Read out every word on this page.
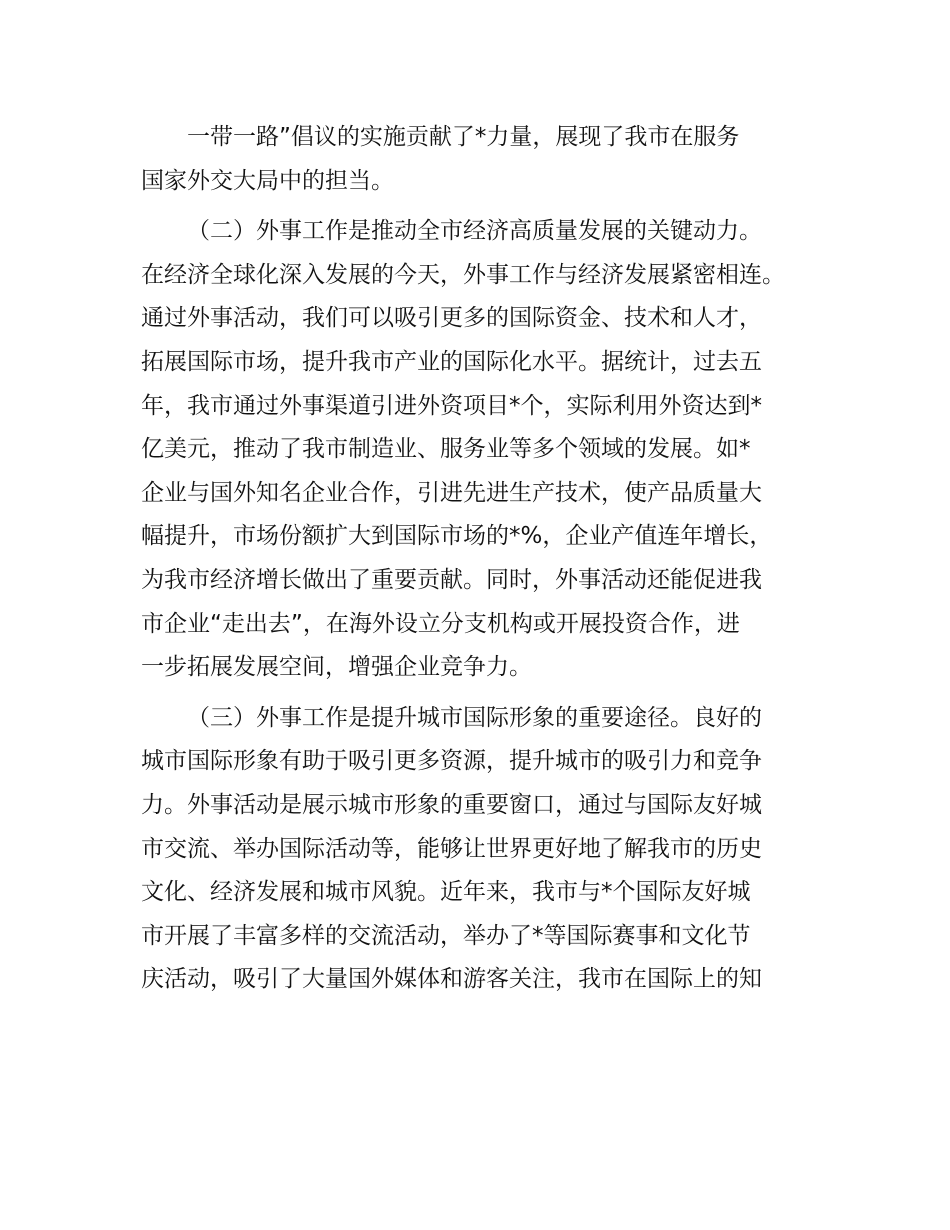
一带一路”倡议的实施贡献了*力量，展现了我市在服务
国家外交大局中的担当。
（二）外事工作是推动全市经济高质量发展的关键动力。
在经济全球化深入发展的今天，外事工作与经济发展紧密相连。
通过外事活动，我们可以吸引更多的国际资金、技术和人才，
拓展国际市场，提升我市产业的国际化水平。据统计，过去五
年，我市通过外事渠道引进外资项目*个，实际利用外资达到*
亿美元，推动了我市制造业、服务业等多个领域的发展。如*
企业与国外知名企业合作，引进先进生产技术，使产品质量大
幅提升，市场份额扩大到国际市场的*%，企业产值连年增长，
为我市经济增长做出了重要贡献。同时，外事活动还能促进我
市企业“走出去”，在海外设立分支机构或开展投资合作，进
一步拓展发展空间，增强企业竞争力。
（三）外事工作是提升城市国际形象的重要途径。良好的
城市国际形象有助于吸引更多资源，提升城市的吸引力和竞争
力。外事活动是展示城市形象的重要窗口，通过与国际友好城
市交流、举办国际活动等，能够让世界更好地了解我市的历史
文化、经济发展和城市风貌。近年来，我市与*个国际友好城
市开展了丰富多样的交流活动，举办了*等国际赛事和文化节
庆活动，吸引了大量国外媒体和游客关注，我市在国际上的知
